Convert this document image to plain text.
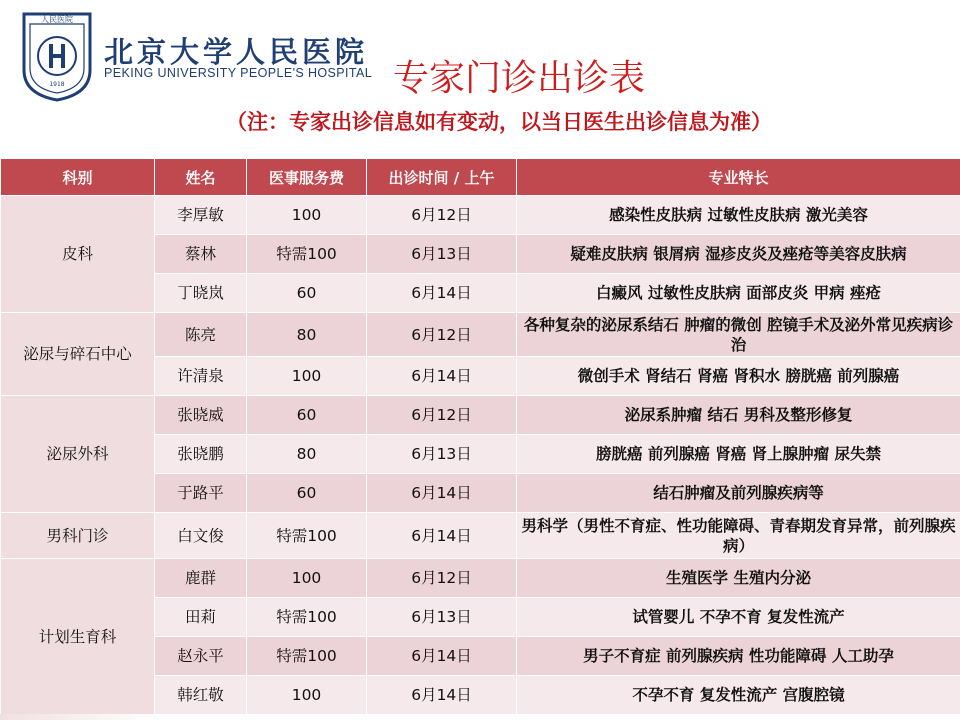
人民医院
1918
北京大学人民医院
PEKING UNIVERSITY PEOPLE'S HOSPITAL 专家门诊出诊表
（注：专家出诊信息如有变动，以当日医生出诊信息为准）
科别	姓名	医事服务费	出诊时间 / 上午	专业特长
皮科	李厚敏	100	6月12日	感染性皮肤病 过敏性皮肤病 激光美容
	蔡林	特需100	6月13日	疑难皮肤病 银屑病 湿疹皮炎及痤疮等美容皮肤病
	丁晓岚	60	6月14日	白癜风 过敏性皮肤病 面部皮炎 甲病 痤疮
泌尿与碎石中心	陈亮	80	6月12日	各种复杂的泌尿系结石 肿瘤的微创 腔镜手术及泌外常见疾病诊治
	许清泉	100	6月14日	微创手术 肾结石 肾癌 肾积水 膀胱癌 前列腺癌
泌尿外科	张晓威	60	6月12日	泌尿系肿瘤 结石 男科及整形修复
	张晓鹏	80	6月13日	膀胱癌 前列腺癌 肾癌 肾上腺肿瘤 尿失禁
	于路平	60	6月14日	结石肿瘤及前列腺疾病等
男科门诊	白文俊	特需100	6月14日	男科学（男性不育症、性功能障碍、青春期发育异常，前列腺疾病）
计划生育科	鹿群	100	6月12日	生殖医学 生殖内分泌
	田莉	特需100	6月13日	试管婴儿 不孕不育 复发性流产
	赵永平	特需100	6月14日	男子不育症 前列腺疾病 性功能障碍 人工助孕
	韩红敬	100	6月14日	不孕不育 复发性流产 宫腹腔镜
